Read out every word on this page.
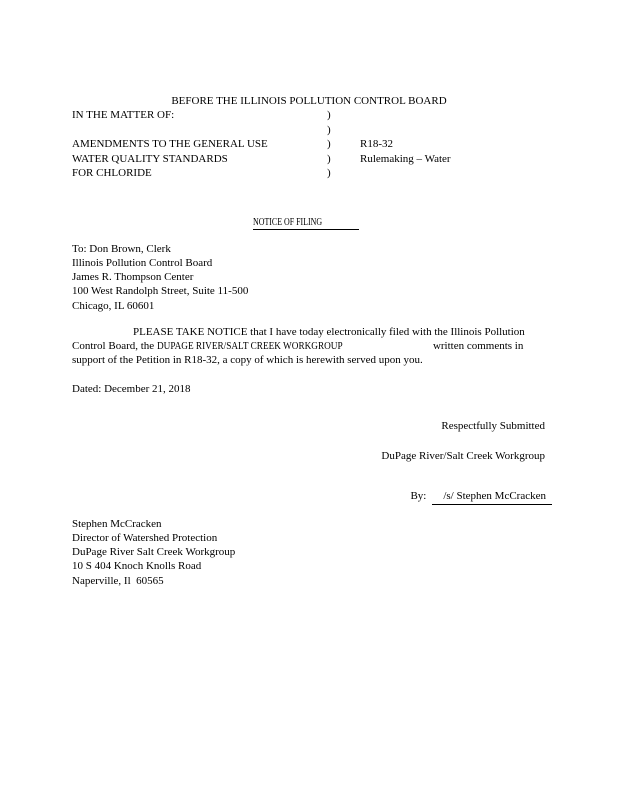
BEFORE THE ILLINOIS POLLUTION CONTROL BOARD
IN THE MATTER OF:	)
)
AMENDMENTS TO THE GENERAL USE	)	R18-32
WATER QUALITY STANDARDS	)	Rulemaking – Water
FOR CHLORIDE	)
NOTICE OF FILING
To: Don Brown, Clerk
Illinois Pollution Control Board
James R. Thompson Center
100 West Randolph Street, Suite 11-500
Chicago, IL 60601
PLEASE TAKE NOTICE that I have today electronically filed with the Illinois Pollution
Control Board, the DUPAGE RIVER/SALT CREEK WORKGROUP	written comments in
support of the Petition in R18-32, a copy of which is herewith served upon you.
Dated: December 21, 2018
Respectfully Submitted
DuPage River/Salt Creek Workgroup
By: /s/ Stephen McCracken
Stephen McCracken
Director of Watershed Protection
DuPage River Salt Creek Workgroup
10 S 404 Knoch Knolls Road
Naperville, Il  60565
